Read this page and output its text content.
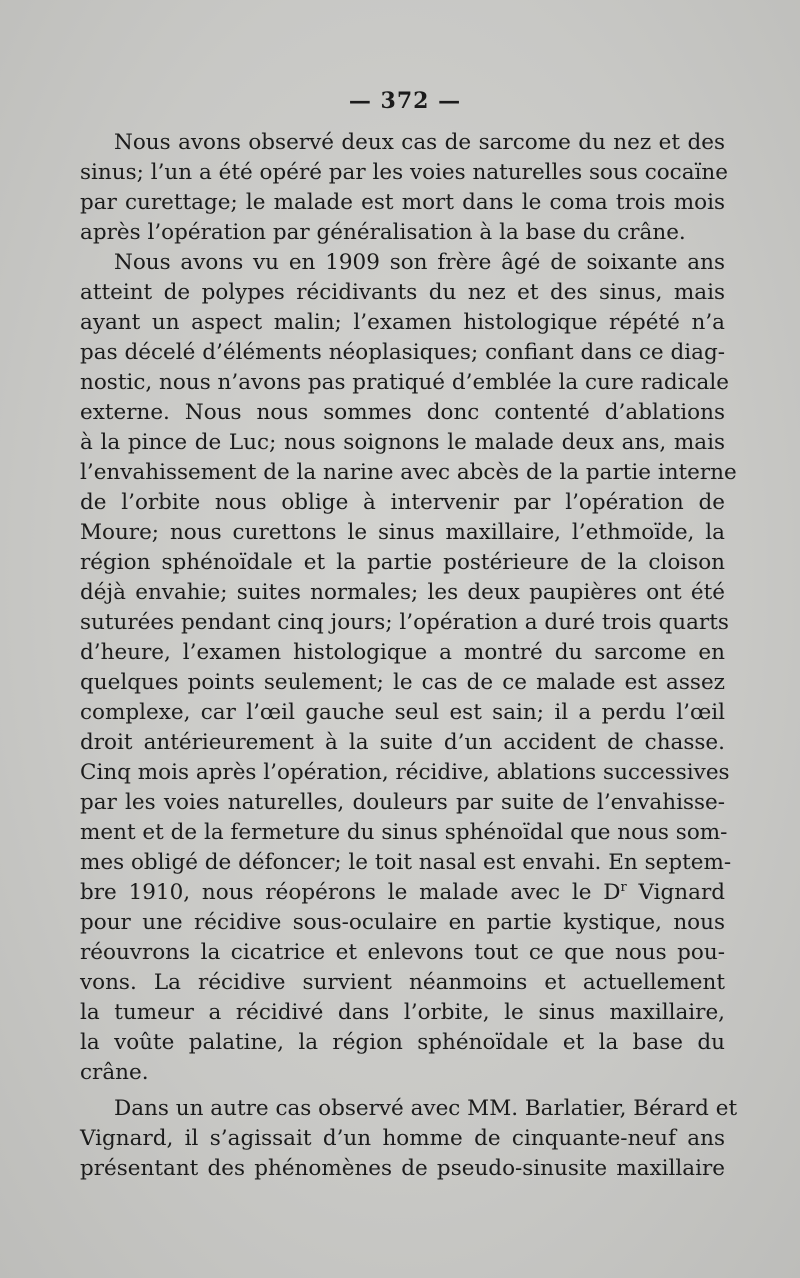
— 372 —
Nous avons observé deux cas de sarcome du nez et des
sinus; l’un a été opéré par les voies naturelles sous cocaïne
par curettage; le malade est mort dans le coma trois mois
après l’opération par généralisation à la base du crâne.
Nous avons vu en 1909 son frère âgé de soixante ans
atteint de polypes récidivants du nez et des sinus, mais
ayant un aspect malin; l’examen histologique répété n’a
pas décelé d’éléments néoplasiques; confiant dans ce diag-
nostic, nous n’avons pas pratiqué d’emblée la cure radicale
externe. Nous nous sommes donc contenté d’ablations
à la pince de Luc; nous soignons le malade deux ans, mais
l’envahissement de la narine avec abcès de la partie interne
de l’orbite nous oblige à intervenir par l’opération de
Moure; nous curettons le sinus maxillaire, l’ethmoïde, la
région sphénoïdale et la partie postérieure de la cloison
déjà envahie; suites normales; les deux paupières ont été
suturées pendant cinq jours; l’opération a duré trois quarts
d’heure, l’examen histologique a montré du sarcome en
quelques points seulement; le cas de ce malade est assez
complexe, car l’œil gauche seul est sain; il a perdu l’œil
droit antérieurement à la suite d’un accident de chasse.
Cinq mois après l’opération, récidive, ablations successives
par les voies naturelles, douleurs par suite de l’envahisse-
ment et de la fermeture du sinus sphénoïdal que nous som-
mes obligé de défoncer; le toit nasal est envahi. En septem-
bre 1910, nous réopérons le malade avec le $D^r$ Vignard
pour une récidive sous-oculaire en partie kystique, nous
réouvrons la cicatrice et enlevons tout ce que nous pou-
vons. La récidive survient néanmoins et actuellement
la tumeur a récidivé dans l’orbite, le sinus maxillaire,
la voûte palatine, la région sphénoïdale et la base du
crâne.
Dans un autre cas observé avec MM. Barlatier, Bérard et
Vignard, il s’agissait d’un homme de cinquante-neuf ans
présentant des phénomènes de pseudo-sinusite maxillaire
